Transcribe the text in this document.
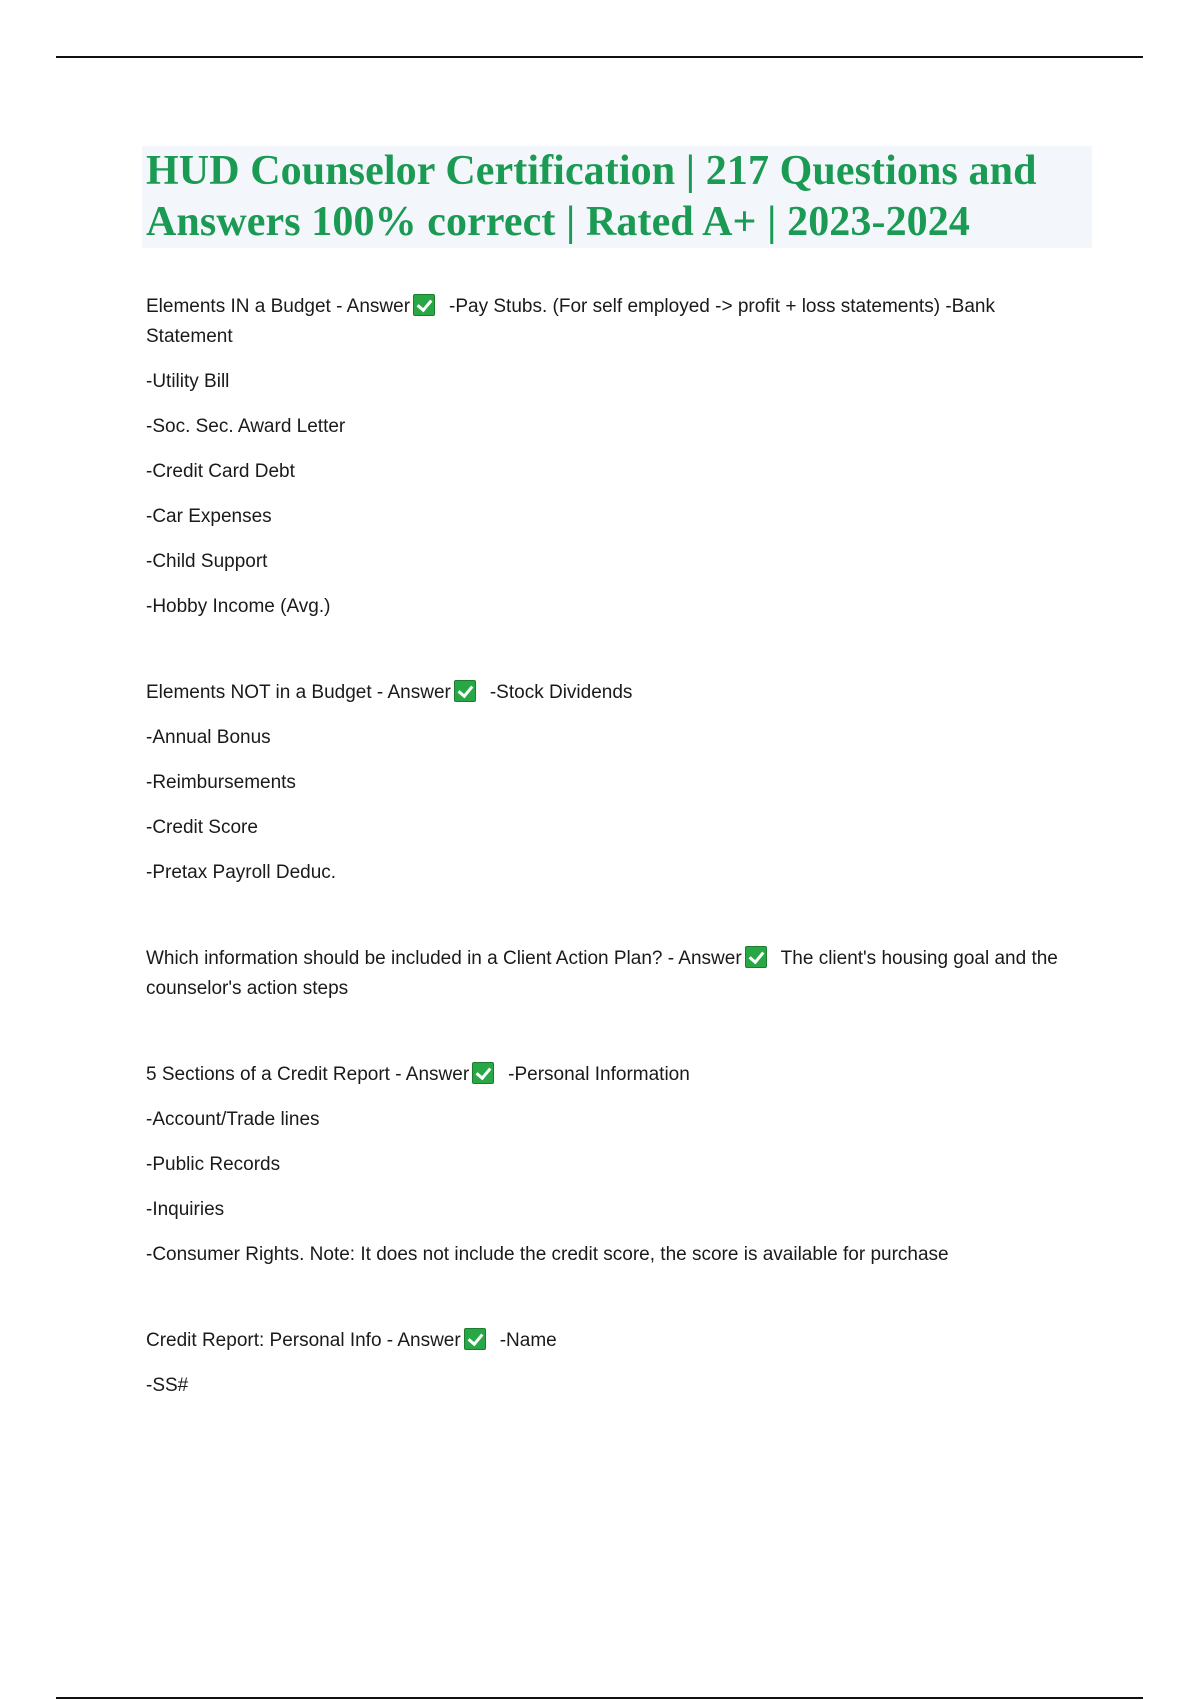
HUD Counselor Certification | 217 Questions and Answers 100% correct | Rated A+ | 2023-2024

Elements IN a Budget - Answer -Pay Stubs. (For self employed -> profit + loss statements) -Bank Statement

-Utility Bill

-Soc. Sec. Award Letter

-Credit Card Debt

-Car Expenses

-Child Support

-Hobby Income (Avg.)

Elements NOT in a Budget - Answer -Stock Dividends

-Annual Bonus

-Reimbursements

-Credit Score

-Pretax Payroll Deduc.

Which information should be included in a Client Action Plan? - Answer The client's housing goal and the counselor's action steps

5 Sections of a Credit Report - Answer -Personal Information

-Account/Trade lines

-Public Records

-Inquiries

-Consumer Rights. Note: It does not include the credit score, the score is available for purchase

Credit Report: Personal Info - Answer -Name

-SS#
